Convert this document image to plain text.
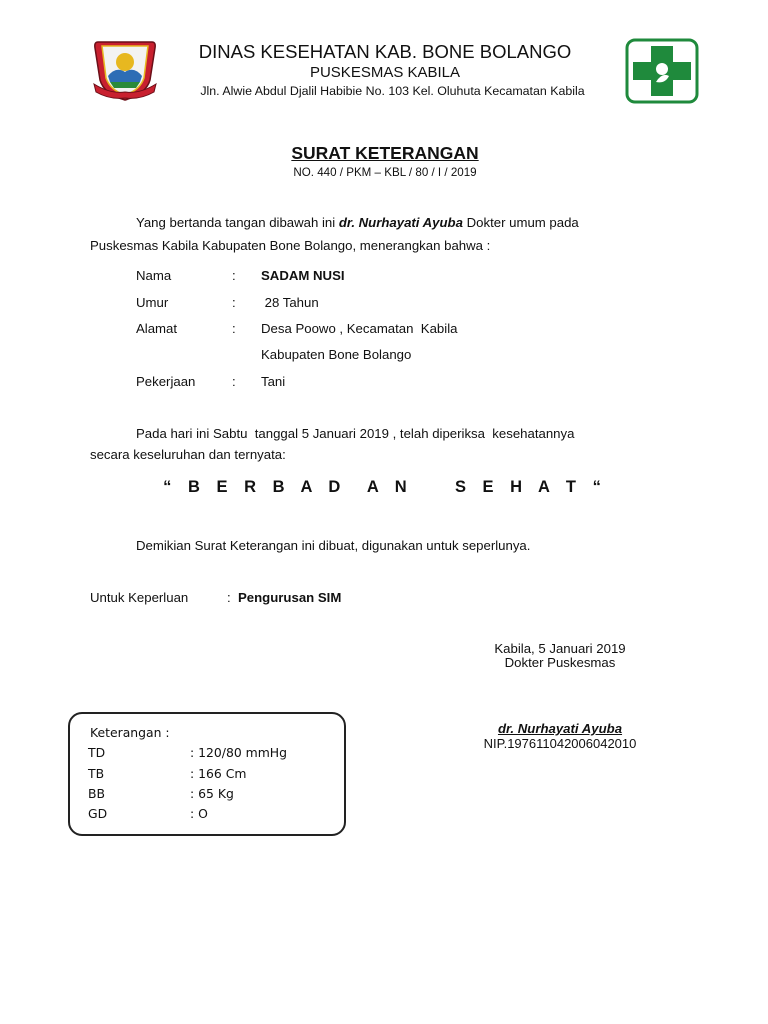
DINAS KESEHATAN KAB. BONE BOLANGO
PUSKESMAS KABILA
Jln. Alwie Abdul Djalil Habibie No. 103 Kel. Oluhuta Kecamatan Kabila
SURAT KETERANGAN
NO. 440 / PKM – KBL / 80 / I / 2019
Yang bertanda tangan dibawah ini dr. Nurhayati Ayuba Dokter umum pada
Puskesmas Kabila Kabupaten Bone Bolango, menerangkan bahwa :
Nama	: SADAM NUSI
Umur	: 28 Tahun
Alamat	: Desa Poowo , Kecamatan  Kabila
Kabupaten Bone Bolango
Pekerjaan	: Tani
Pada hari ini Sabtu  tanggal 5 Januari 2019 , telah diperiksa  kesehatannya
secara keseluruhan dan ternyata:
“ B E R B A D  A N    S E H A T “
Demikian Surat Keterangan ini dibuat, digunakan untuk seperlunya.
Untuk Keperluan	: Pengurusan SIM
Kabila, 5 Januari 2019
Dokter Puskesmas
dr. Nurhayati Ayuba
NIP.197611042006042010
Keterangan :
TD	: 120/80 mmHg
TB	: 166 Cm
BB	: 65 Kg
GD	: O
